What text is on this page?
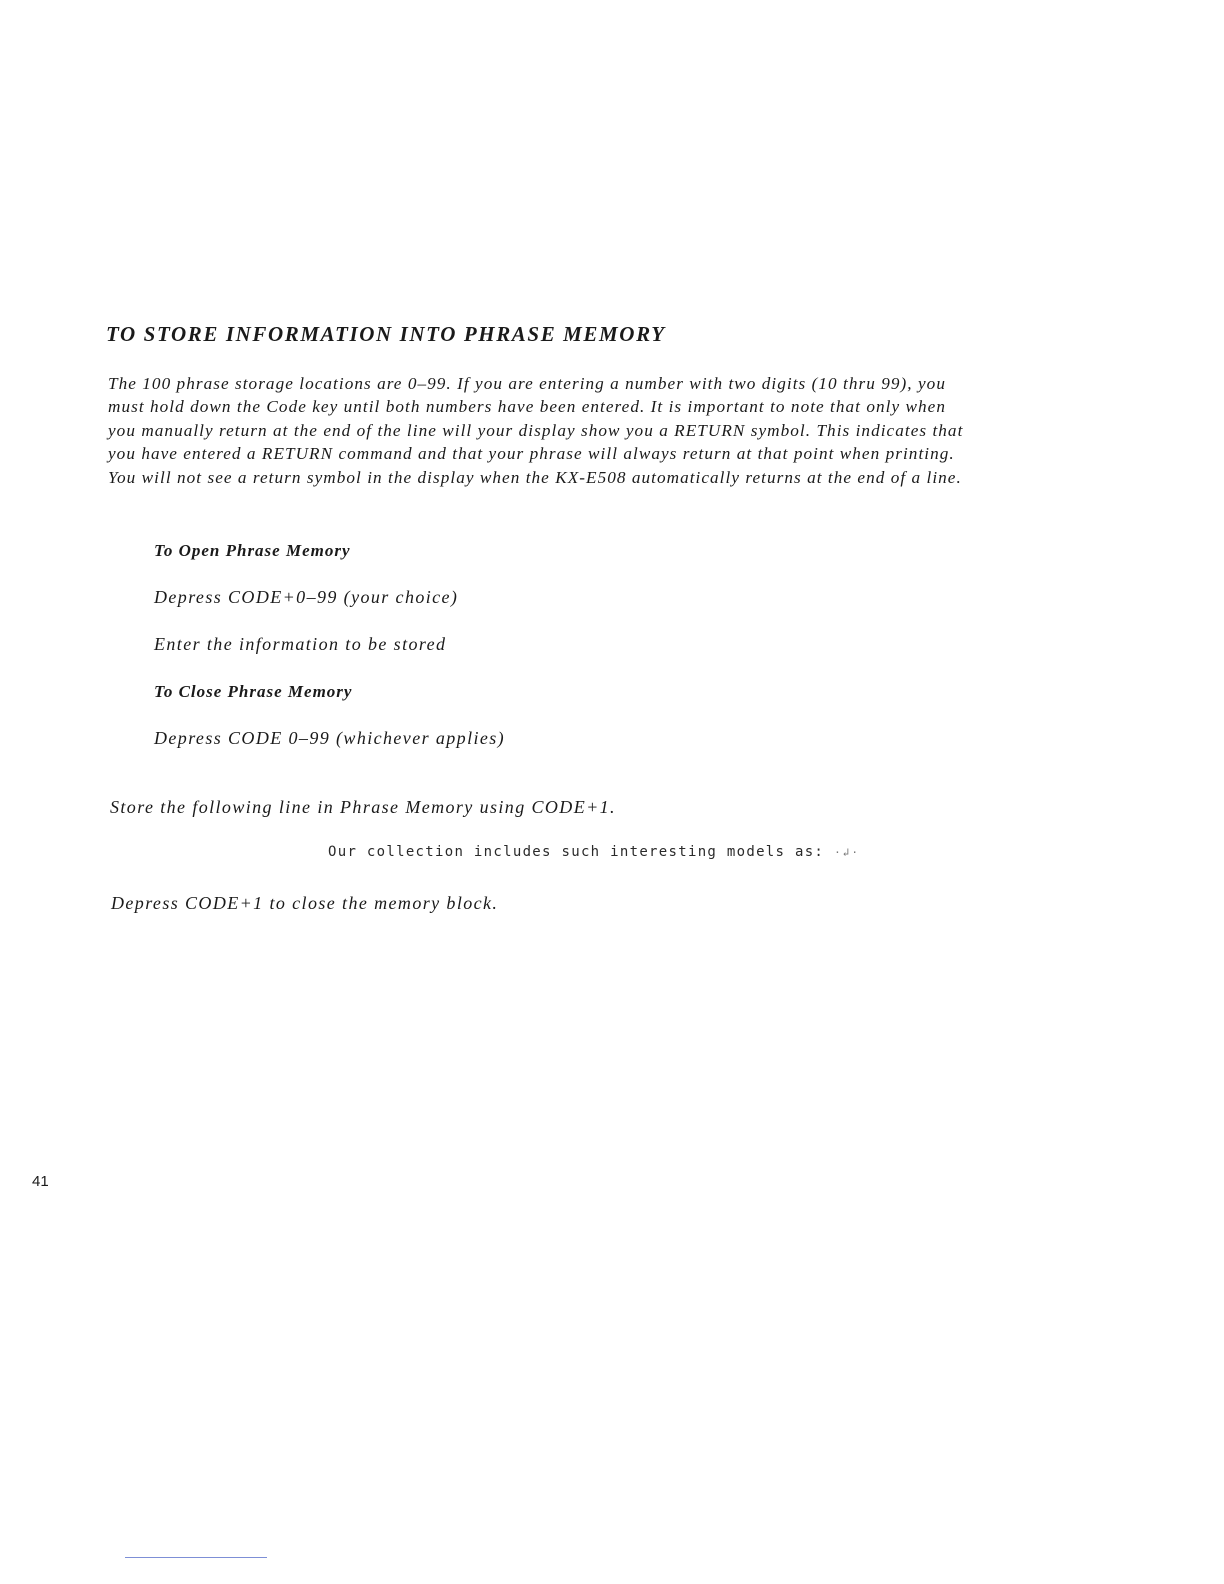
TO STORE INFORMATION INTO PHRASE MEMORY
The 100 phrase storage locations are 0–99. If you are entering a number with two digits (10 thru 99), you
must hold down the Code key until both numbers have been entered. It is important to note that only when
you manually return at the end of the line will your display show you a RETURN symbol. This indicates that
you have entered a RETURN command and that your phrase will always return at that point when printing.
You will not see a return symbol in the display when the KX-E508 automatically returns at the end of a line.

To Open Phrase Memory

Depress CODE+0–99 (your choice)

Enter the information to be stored

To Close Phrase Memory

Depress CODE 0–99 (whichever applies)

Store the following line in Phrase Memory using CODE+1.

Our collection includes such interesting models as: ·↲·

Depress CODE+1 to close the memory block.

41
